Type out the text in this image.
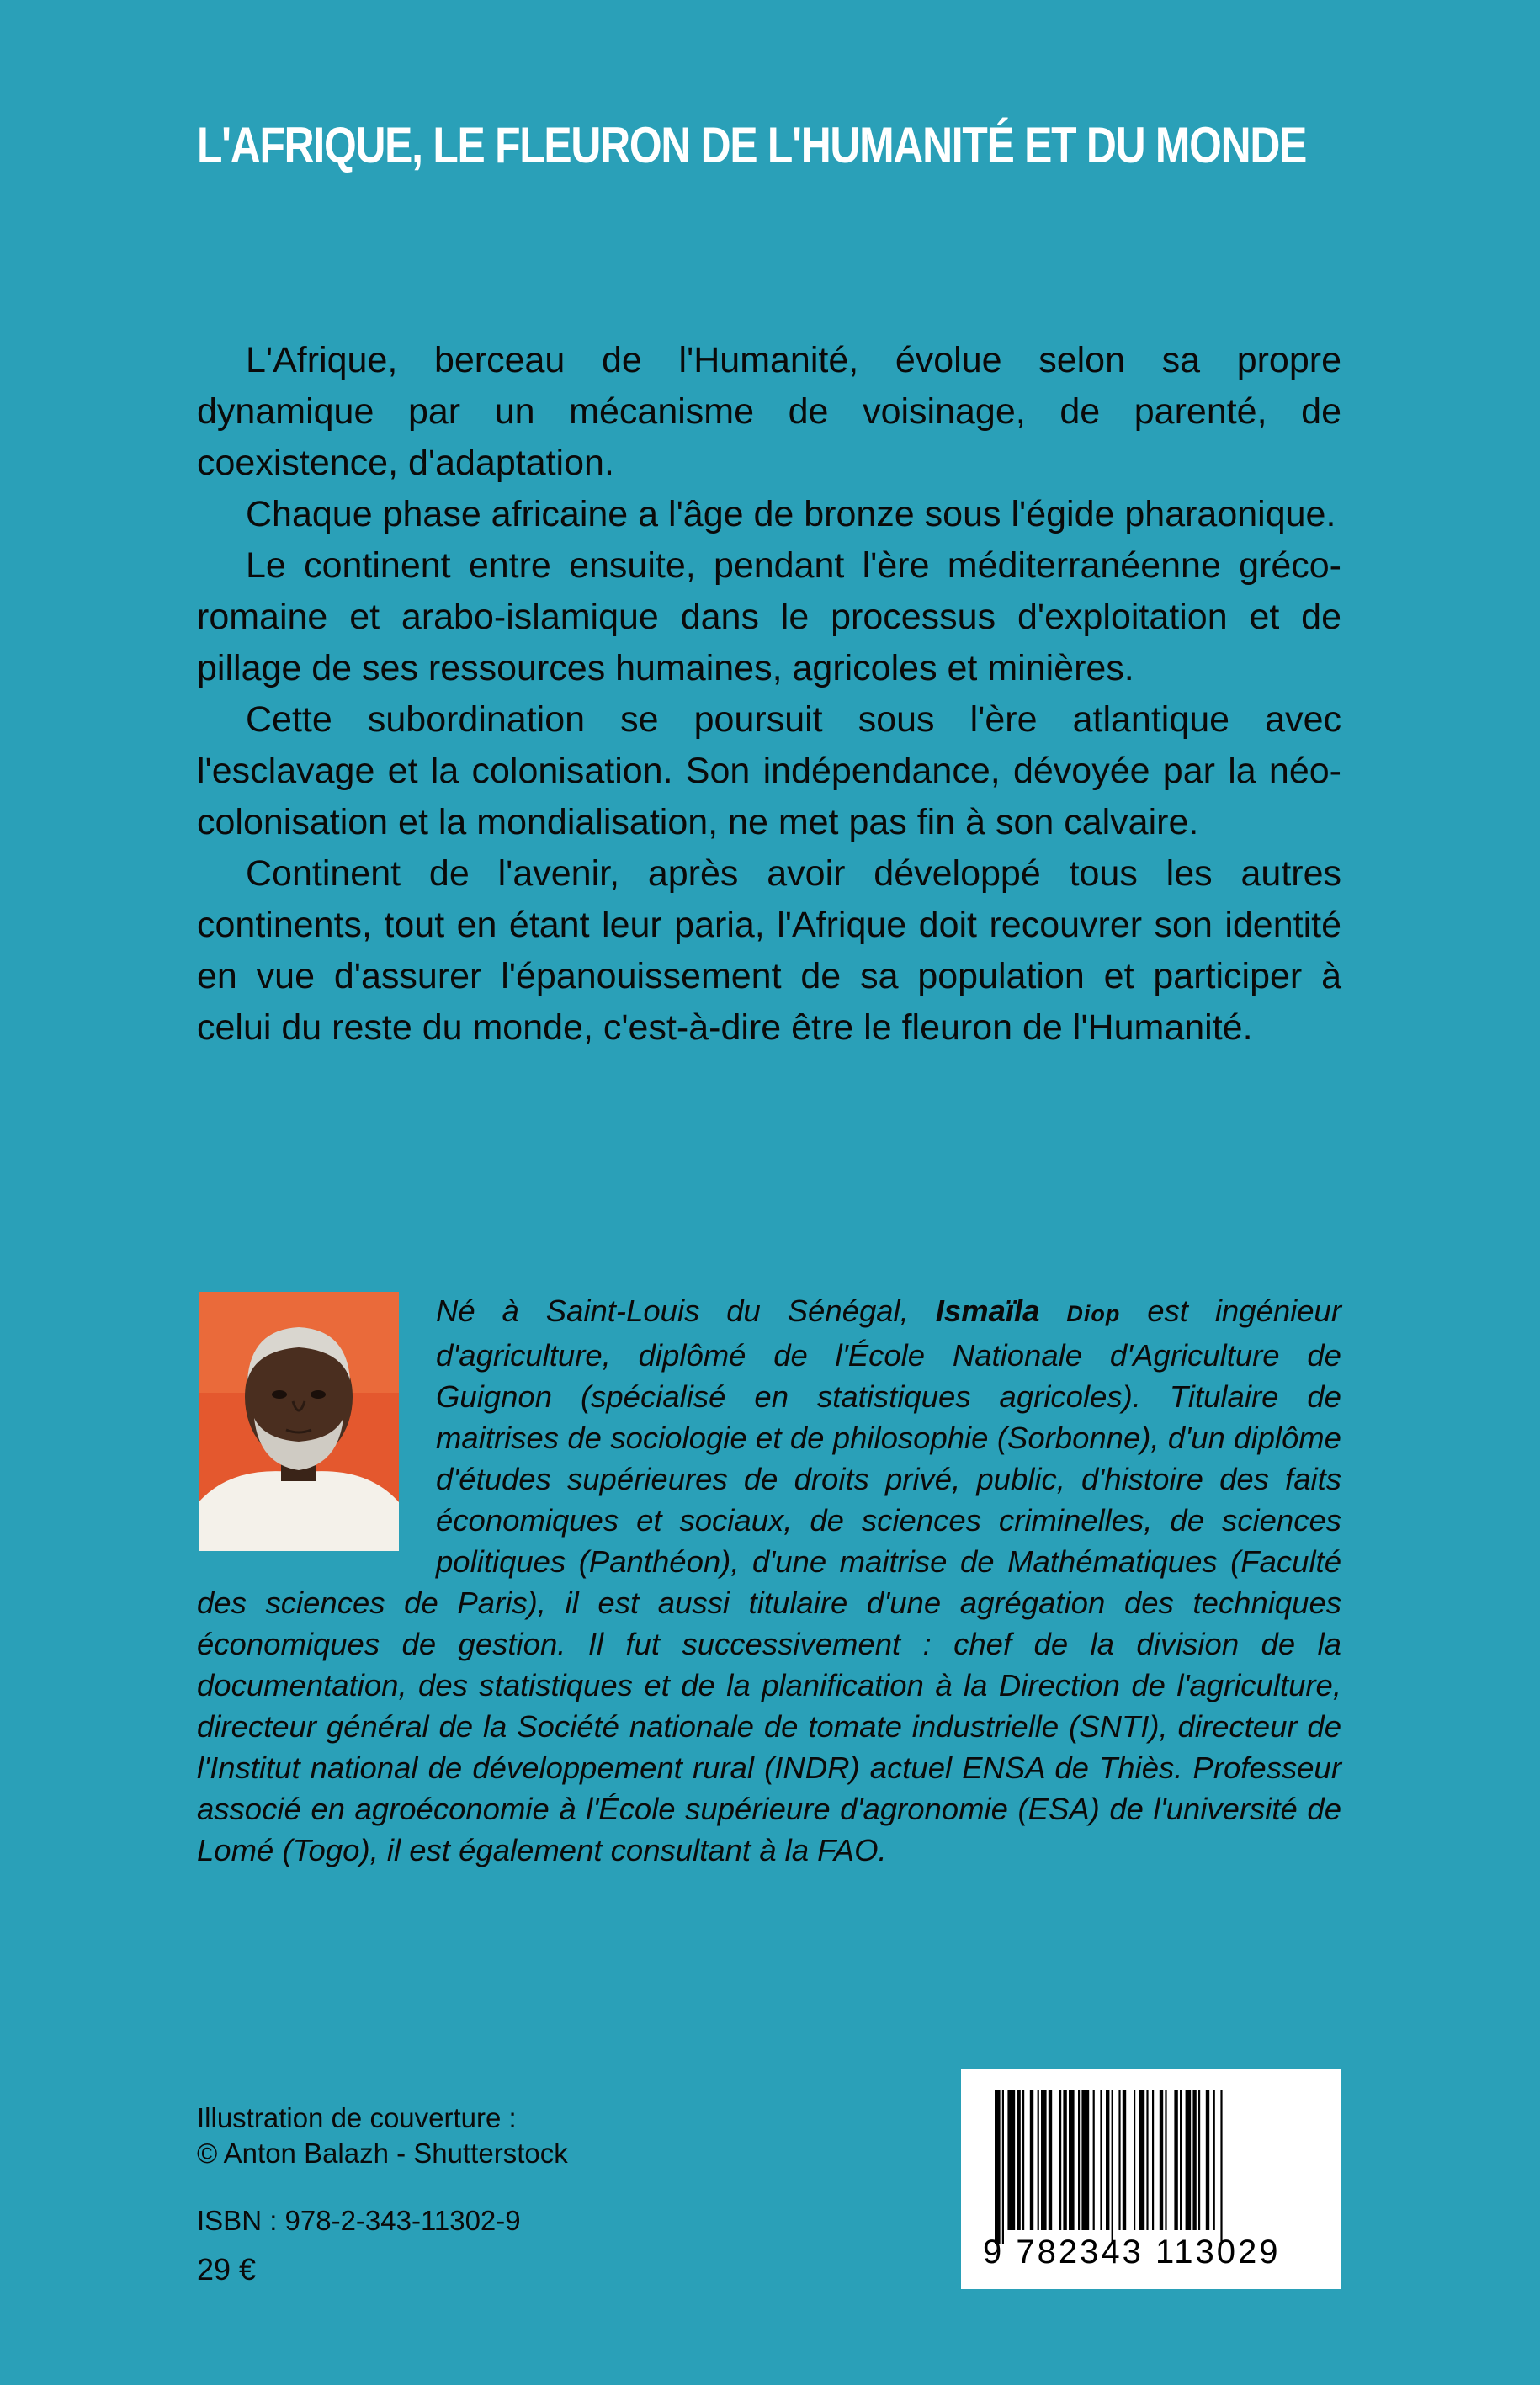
L'AFRIQUE, LE FLEURON DE L'HUMANITÉ ET DU MONDE

L'Afrique, berceau de l'Humanité, évolue selon sa propre dynamique par un mécanisme de voisinage, de parenté, de coexistence, d'adaptation.

Chaque phase africaine a l'âge de bronze sous l'égide pharaonique.

Le continent entre ensuite, pendant l'ère méditerranéenne gréco-romaine et arabo-islamique dans le processus d'exploitation et de pillage de ses ressources humaines, agricoles et minières.

Cette subordination se poursuit sous l'ère atlantique avec l'esclavage et la colonisation. Son indépendance, dévoyée par la néo-colonisation et la mondialisation, ne met pas fin à son calvaire.

Continent de l'avenir, après avoir développé tous les autres continents, tout en étant leur paria, l'Afrique doit recouvrer son identité en vue d'assurer l'épanouissement de sa population et participer à celui du reste du monde, c'est-à-dire être le fleuron de l'Humanité.

Né à Saint-Louis du Sénégal, Ismaïla Diop est ingénieur d'agriculture, diplômé de l'École Nationale d'Agriculture de Guignon (spécialisé en statistiques agricoles). Titulaire de maitrises de sociologie et de philosophie (Sorbonne), d'un diplôme d'études supérieures de droits privé, public, d'histoire des faits économiques et sociaux, de sciences criminelles, de sciences politiques (Panthéon), d'une maitrise de Mathématiques (Faculté des sciences de Paris), il est aussi titulaire d'une agrégation des techniques économiques de gestion. Il fut successivement : chef de la division de la documentation, des statistiques et de la planification à la Direction de l'agriculture, directeur général de la Société nationale de tomate industrielle (SNTI), directeur de l'Institut national de développement rural (INDR) actuel ENSA de Thiès. Professeur associé en agroéconomie à l'École supérieure d'agronomie (ESA) de l'université de Lomé (Togo), il est également consultant à la FAO.
Illustration de couverture :
© Anton Balazh - Shutterstock
ISBN : 978-2-343-11302-9
29 €	9 782343 113029
